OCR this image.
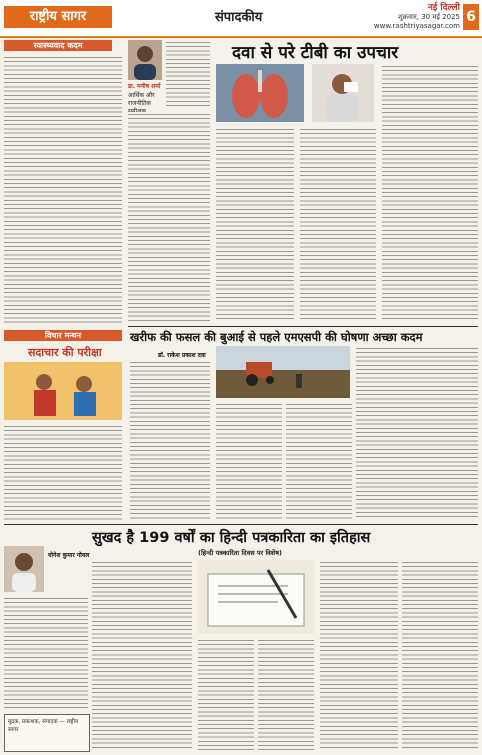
राष्ट्रीय सागर	संपादकीय
नई दिल्ली
शुक्रवार, 30 मई 2025
www.rashtriyasagar.com
6
स्वास्थ्यवाद कदम
डा. मनीष शर्मा
आर्थिक और राजनीतिक
दवा से परे टीबी का उपचार
खरीफ की फसल की बुआई से पहले एमएसपी की घोषणा अच्छा कदम
डॉ. राकेश प्रकाश दवा
विचार मन्थन
सदाचार की परीक्षा
सुखद है 199 वर्षों का हिन्दी पत्रकारिता का इतिहास
(हिन्दी पत्रकारिता दिवस पर विशेष)
योगेश कुमार गोयल
मुद्रक, प्रकाशक, संपादक — राष्ट्रीय सागर
